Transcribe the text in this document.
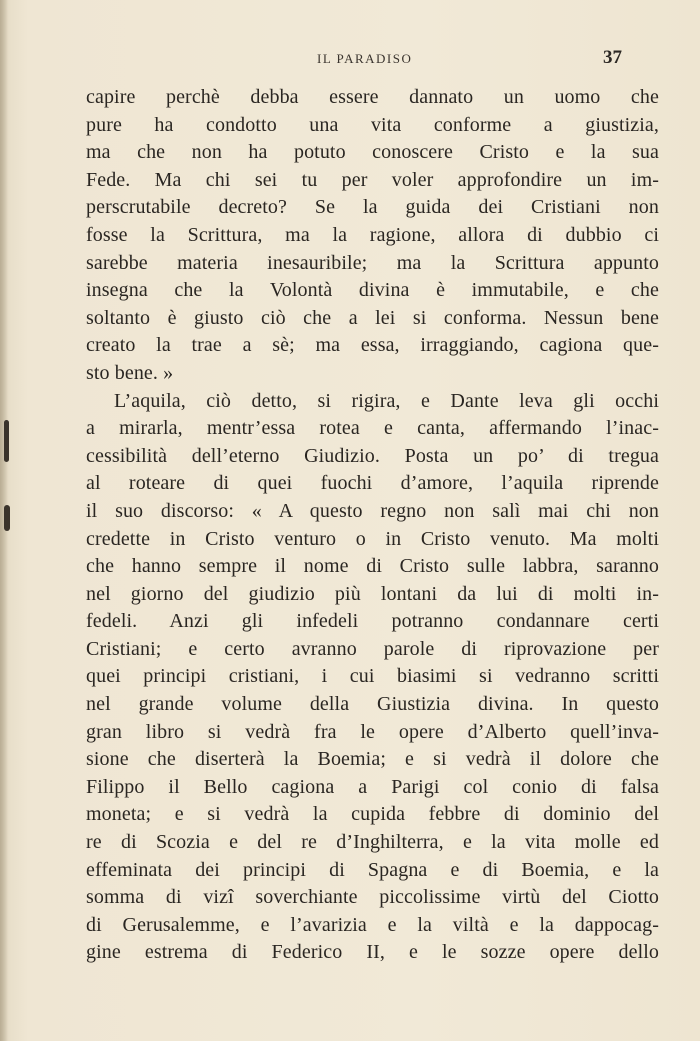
IL PARADISO	37
capire perchè debba essere dannato un uomo che
pure ha condotto una vita conforme a giustizia,
ma che non ha potuto conoscere Cristo e la sua
Fede. Ma chi sei tu per voler approfondire un im-
perscrutabile decreto? Se la guida dei Cristiani non
fosse la Scrittura, ma la ragione, allora di dubbio ci
sarebbe materia inesauribile; ma la Scrittura appunto
insegna che la Volontà divina è immutabile, e che
soltanto è giusto ciò che a lei si conforma. Nessun bene
creato la trae a sè; ma essa, irraggiando, cagiona que-
sto bene. »
L’aquila, ciò detto, si rigira, e Dante leva gli occhi
a mirarla, mentr’essa rotea e canta, affermando l’inac-
cessibilità dell’eterno Giudizio. Posta un po’ di tregua
al roteare di quei fuochi d’amore, l’aquila riprende
il suo discorso: « A questo regno non salì mai chi non
credette in Cristo venturo o in Cristo venuto. Ma molti
che hanno sempre il nome di Cristo sulle labbra, saranno
nel giorno del giudizio più lontani da lui di molti in-
fedeli. Anzi gli infedeli potranno condannare certi
Cristiani; e certo avranno parole di riprovazione per
quei principi cristiani, i cui biasimi si vedranno scritti
nel grande volume della Giustizia divina. In questo
gran libro si vedrà fra le opere d’Alberto quell’inva-
sione che diserterà la Boemia; e si vedrà il dolore che
Filippo il Bello cagiona a Parigi col conio di falsa
moneta; e si vedrà la cupida febbre di dominio del
re di Scozia e del re d’Inghilterra, e la vita molle ed
effeminata dei principi di Spagna e di Boemia, e la
somma di vizî soverchiante piccolissime virtù del Ciotto
di Gerusalemme, e l’avarizia e la viltà e la dappocag-
gine estrema di Federico II, e le sozze opere dello
